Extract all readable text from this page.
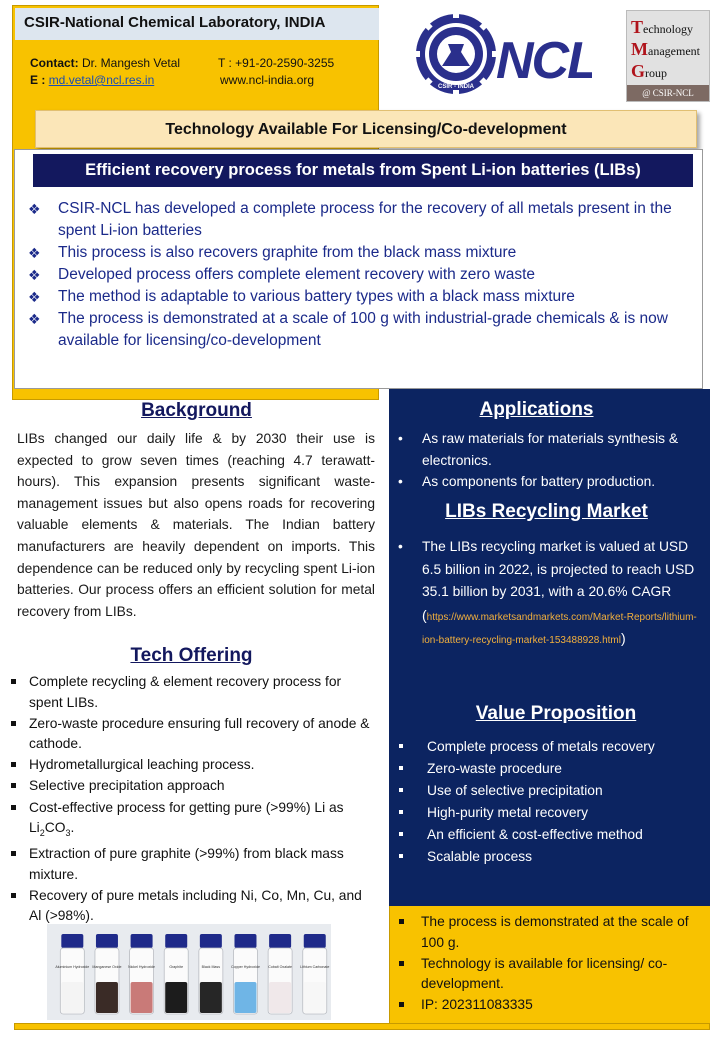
CSIR-National Chemical Laboratory, INDIA
Contact: Dr. Mangesh Vetal
E : md.vetal@ncl.res.in
T : +91-20-2590-3255
www.ncl-india.org	CSIR - INDIA NCL
Technology
Management
Group
@ CSIR-NCL
Technology Available For Licensing/Co-development
Efficient recovery process for metals from Spent Li-ion batteries (LIBs)
❖ CSIR-NCL has developed a complete process for the recovery of all metals present in the spent Li-ion batteries
❖ This process is also recovers graphite from the black mass mixture
❖ Developed process offers complete element recovery with zero waste
❖ The method is adaptable to various battery types with a black mass mixture
❖ The process is demonstrated at a scale of 100 g with industrial-grade chemicals & is now available for licensing/co-development
Background

LIBs changed our daily life & by 2030 their use is expected to grow seven times (reaching 4.7 terawatt-hours). This expansion presents significant waste-management issues but also opens roads for recovering valuable elements & materials. The Indian battery manufacturers are heavily dependent on imports. This dependence can be reduced only by recycling spent Li-ion batteries. Our process offers an efficient solution for metal recovery from LIBs.

Tech Offering
Complete recycling & element recovery process for spent LIBs.
Zero-waste procedure ensuring full recovery of anode & cathode.
Hydrometallurgical leaching process.
Selective precipitation approach
Cost-effective process for getting pure (>99%) Li as $Li_2CO_3$.
Extraction of pure graphite (>99%) from black mass mixture.
Recovery of pure metals including Ni, Co, Mn, Cu, and Al (>98%).
Aluminium Hydroxide Manganese Oxide Nickel Hydroxide	Graphite	Black Mass	Copper Hydroxide Cobalt Oxalate Lithium Carbonate
Applications
• As raw materials for materials synthesis & electronics.
• As components for battery production.
LIBs Recycling Market
• The LIBs recycling market is valued at USD 6.5 billion in 2022, is projected to reach USD 35.1 billion by 2031, with a 20.6% CAGR
(https://www.marketsandmarkets.com/Market-Reports/lithium-ion-battery-recycling-market-153488928.html)
Value Proposition
Complete process of metals recovery
Zero-waste procedure
Use of selective precipitation
High-purity metal recovery
An efficient & cost-effective method
Scalable process
The process is demonstrated at the scale of 100 g.
Technology is available for licensing/ co-development.
IP: 202311083335
